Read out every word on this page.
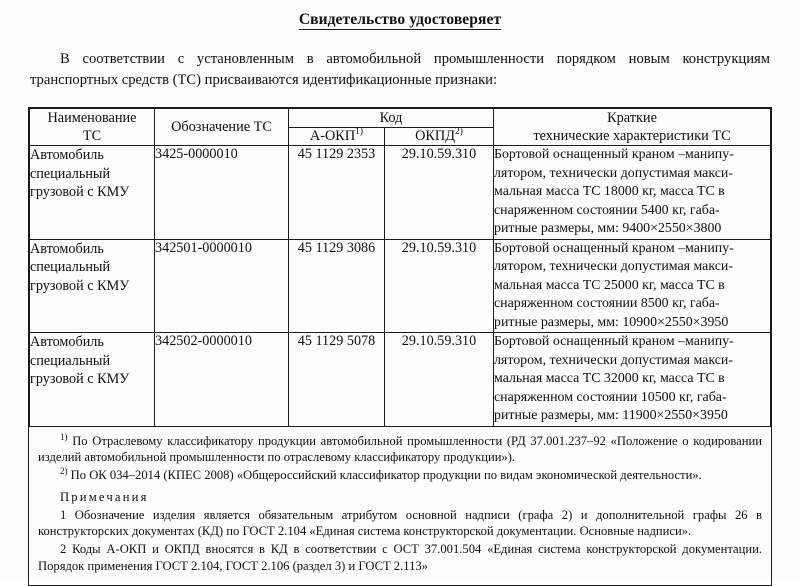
Свидетельство удостоверяет

В соответствии с установленным в автомобильной промышленности порядком новым конструкциям транспортных средств (ТС) присваиваются идентификационные признаки:

Наименование
ТС
	Обозначение ТС	Код	Краткие
технические характеристики ТС

		А-ОКП$^{1)}$	ОКПД$^{2)}$

Автомобиль
специальный
грузовой с КМУ
	3425-0000010	45 1129 2353	29.10.59.310	Бортовой оснащенный краном –манипу-
лятором, технически допустимая макси-
мальная масса ТС 18000 кг, масса ТС в
снаряженном состоянии 5400 кг, габа-
ритные размеры, мм: 9400×2550×3800

Автомобиль
специальный
грузовой с КМУ
	342501-0000010	45 1129 3086	29.10.59.310	Бортовой оснащенный краном –манипу-
лятором, технически допустимая макси-
мальная масса ТС 25000 кг, масса ТС в
снаряженном состоянии 8500 кг, габа-
ритные размеры, мм: 10900×2550×3950

Автомобиль
специальный
грузовой с КМУ
	342502-0000010	45 1129 5078	29.10.59.310	Бортовой оснащенный краном –манипу-
лятором, технически допустимая макси-
мальная масса ТС 32000 кг, масса ТС в
снаряженном состоянии 10500 кг, габа-
ритные размеры, мм: 11900×2550×3950

$^{1)}$ По Отраслевому классификатору продукции автомобильной промышленности (РД 37.001.237–92 «Положение о кодировании изделий автомобильной промышленности по отраслевому классификатору продукции»).

$^{2)}$ По ОК 034–2014 (КПЕС 2008) «Общероссийский классификатор продукции по видам экономической деятельности».

Примечания

1 Обозначение изделия является обязательным атрибутом основной надписи (графа 2) и дополнительной графы 26 в конструкторских документах (КД) по ГОСТ 2.104 «Единая система конструкторской документации. Основные надписи».

2 Коды А-ОКП и ОКПД вносятся в КД в соответствии с ОСТ 37.001.504 «Единая система конструкторской документации. Порядок применения ГОСТ 2.104, ГОСТ 2.106 (раздел 3) и ГОСТ 2.113»
